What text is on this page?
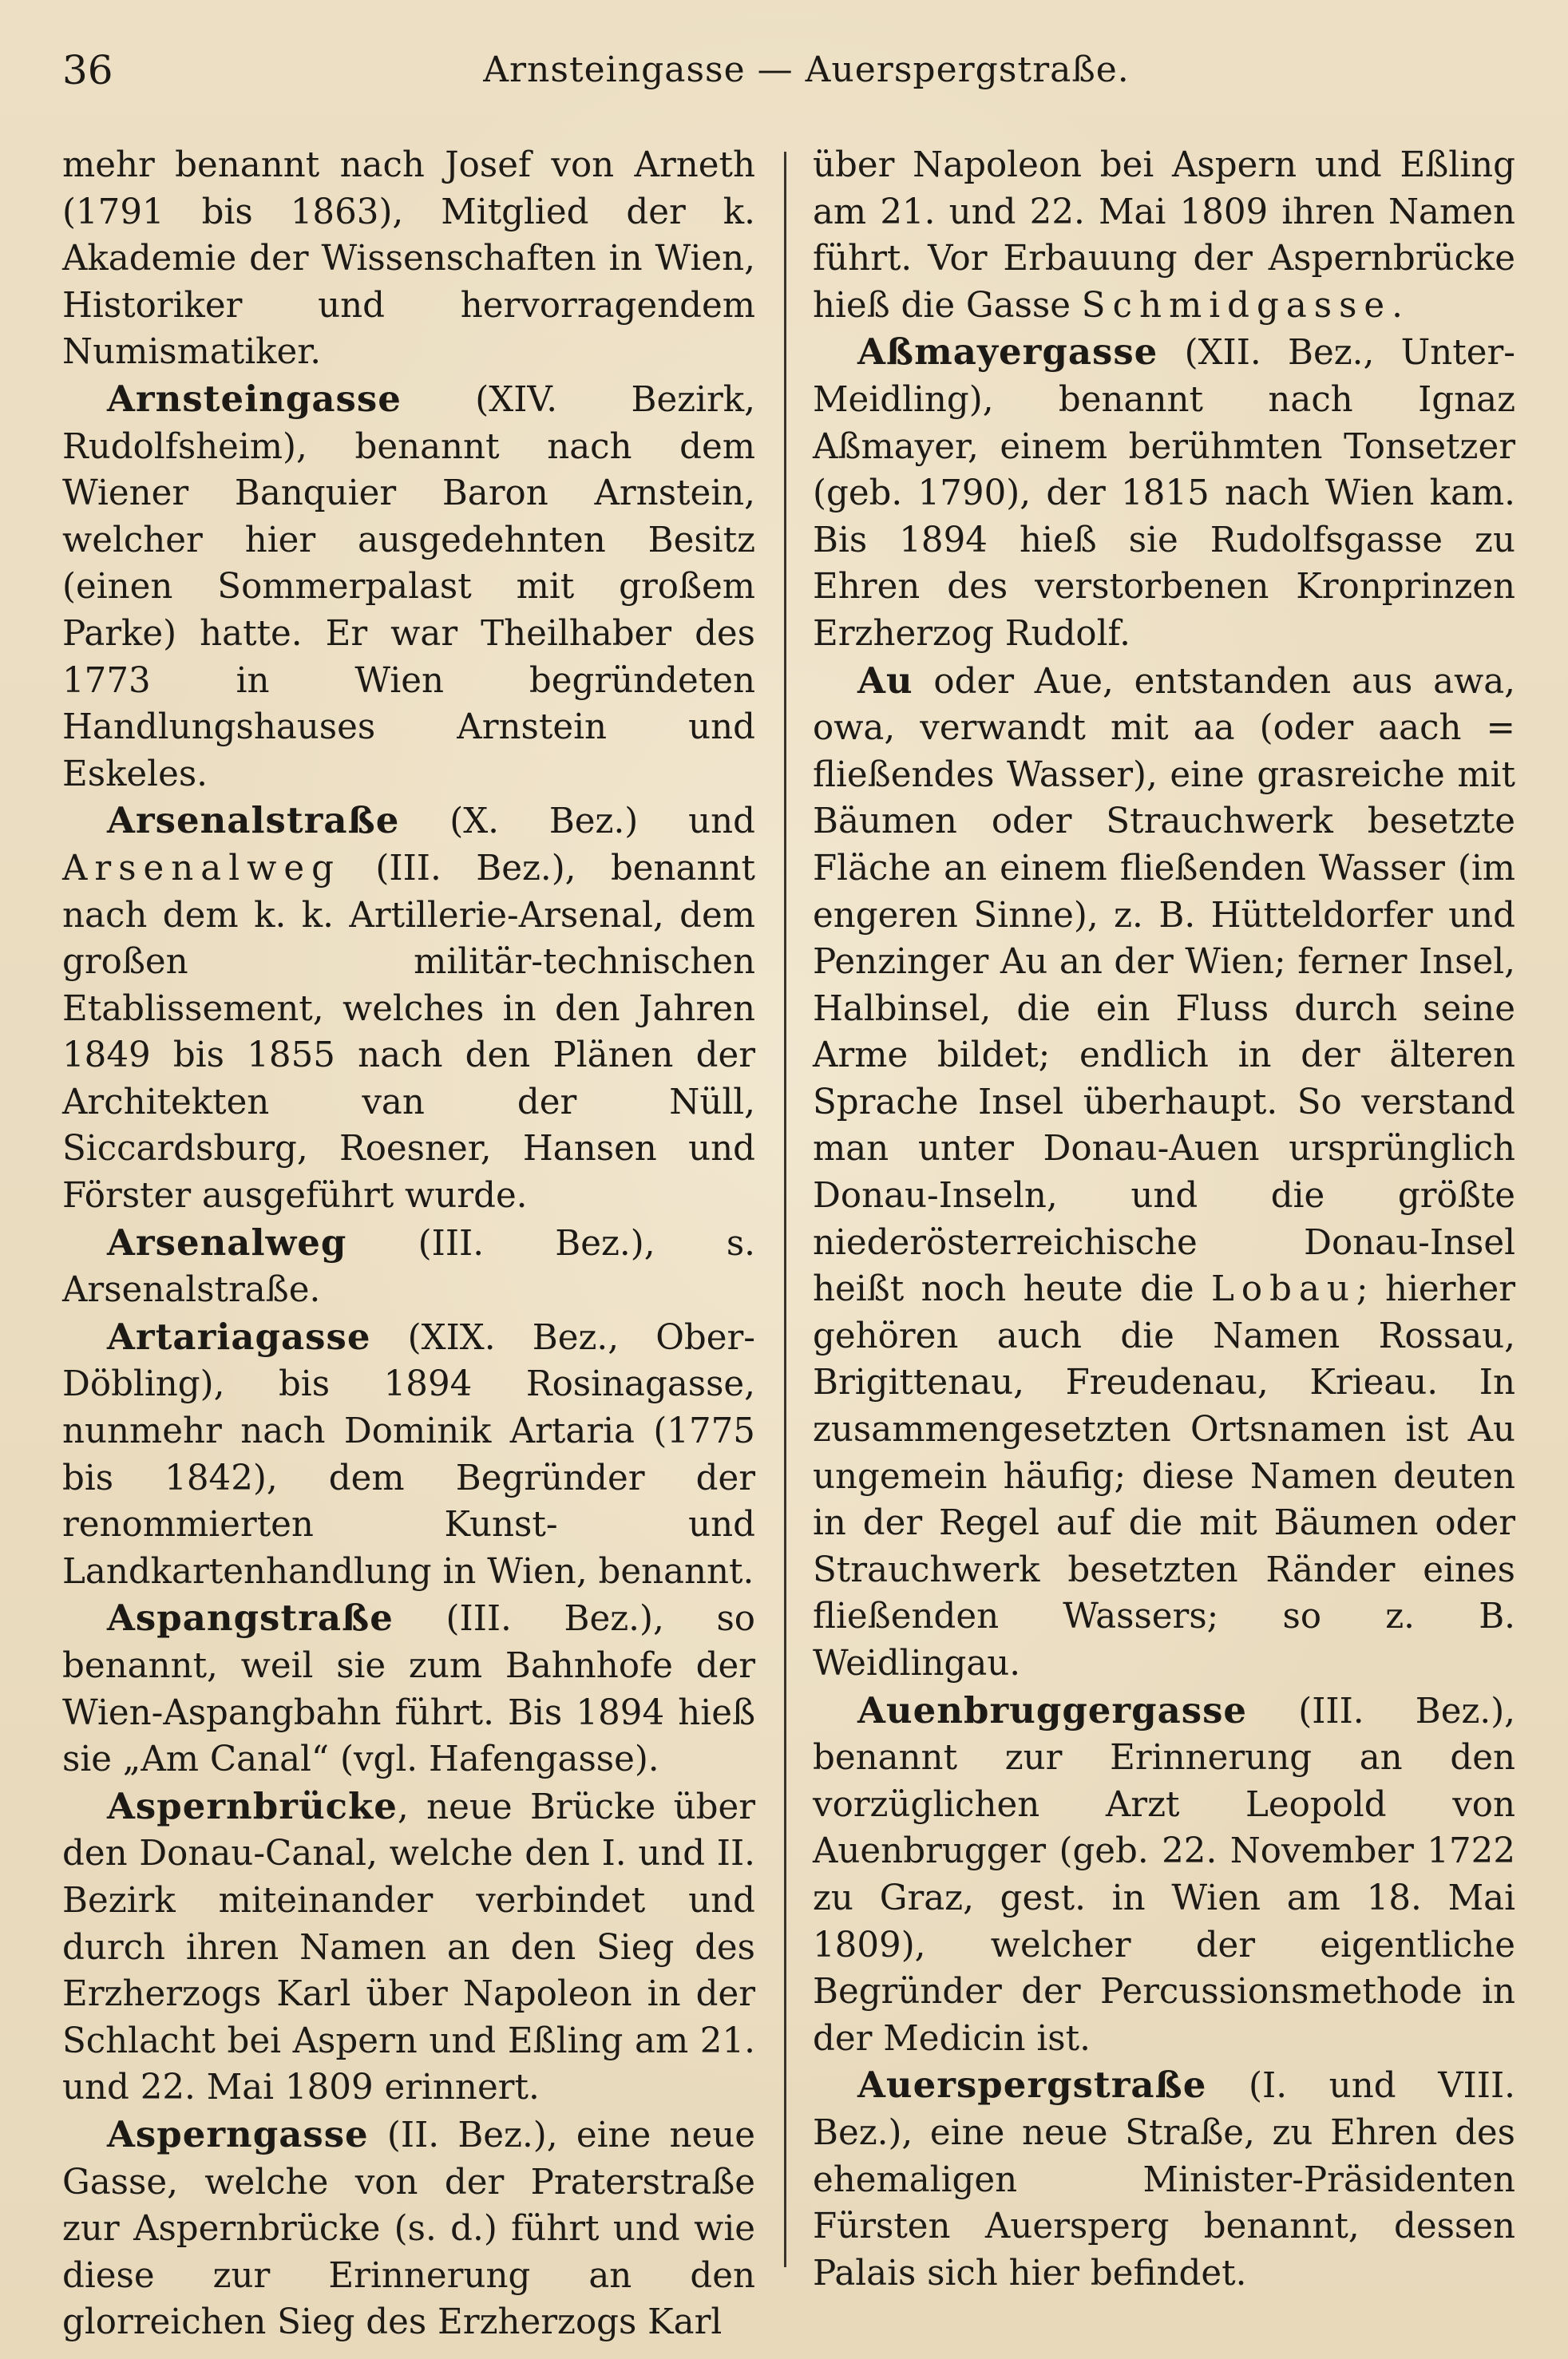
36	Arnsteingasse — Auerspergstraße.

mehr benannt nach Josef von Arneth (1791 bis 1863), Mitglied der k. Akademie der Wissenschaften in Wien, Historiker und hervorragendem Numismatiker.

Arnsteingasse (XIV. Bezirk, Rudolfsheim), benannt nach dem Wiener Banquier Baron Arnstein, welcher hier ausgedehnten Besitz (einen Sommerpalast mit großem Parke) hatte. Er war Theilhaber des 1773 in Wien begründeten Handlungshauses Arnstein und Eskeles.

Arsenalstraße (X. Bez.) und Arsenalweg (III. Bez.), benannt nach dem k. k. Artillerie-Arsenal, dem großen militär-technischen Etablissement, welches in den Jahren 1849 bis 1855 nach den Plänen der Architekten van der Nüll, Siccardsburg, Roesner, Hansen und Förster ausgeführt wurde.

Arsenalweg (III. Bez.), s. Arsenalstraße.

Artariagasse (XIX. Bez., Ober-Döbling), bis 1894 Rosinagasse, nunmehr nach Dominik Artaria (1775 bis 1842), dem Begründer der renommierten Kunst- und Landkartenhandlung in Wien, benannt.

Aspangstraße (III. Bez.), so benannt, weil sie zum Bahnhofe der Wien-Aspangbahn führt. Bis 1894 hieß sie „Am Canal“ (vgl. Hafengasse).

Aspernbrücke, neue Brücke über den Donau-Canal, welche den I. und II. Bezirk miteinander verbindet und durch ihren Namen an den Sieg des Erzherzogs Karl über Napoleon in der Schlacht bei Aspern und Eßling am 21. und 22. Mai 1809 erinnert.

Asperngasse (II. Bez.), eine neue Gasse, welche von der Praterstraße zur Aspernbrücke (s. d.) führt und wie diese zur Erinnerung an den glorreichen Sieg des Erzherzogs Karl

über Napoleon bei Aspern und Eßling am 21. und 22. Mai 1809 ihren Namen führt. Vor Erbauung der Aspernbrücke hieß die Gasse Schmidgasse.

Aßmayergasse (XII. Bez., Unter-Meidling), benannt nach Ignaz Aßmayer, einem berühmten Tonsetzer (geb. 1790), der 1815 nach Wien kam. Bis 1894 hieß sie Rudolfsgasse zu Ehren des verstorbenen Kronprinzen Erzherzog Rudolf.

Au oder Aue, entstanden aus awa, owa, verwandt mit aa (oder aach = fließendes Wasser), eine grasreiche mit Bäumen oder Strauchwerk besetzte Fläche an einem fließenden Wasser (im engeren Sinne), z. B. Hütteldorfer und Penzinger Au an der Wien; ferner Insel, Halbinsel, die ein Fluss durch seine Arme bildet; endlich in der älteren Sprache Insel überhaupt. So verstand man unter Donau-Auen ursprünglich Donau-Inseln, und die größte niederösterreichische Donau-Insel heißt noch heute die Lobau; hierher gehören auch die Namen Rossau, Brigittenau, Freudenau, Krieau. In zusammengesetzten Ortsnamen ist Au ungemein häufig; diese Namen deuten in der Regel auf die mit Bäumen oder Strauchwerk besetzten Ränder eines fließenden Wassers; so z. B. Weidlingau.

Auenbruggergasse (III. Bez.), benannt zur Erinnerung an den vorzüglichen Arzt Leopold von Auenbrugger (geb. 22. November 1722 zu Graz, gest. in Wien am 18. Mai 1809), welcher der eigentliche Begründer der Percussionsmethode in der Medicin ist.

Auerspergstraße (I. und VIII. Bez.), eine neue Straße, zu Ehren des ehemaligen Minister-Präsidenten Fürsten Auersperg benannt, dessen Palais sich hier befindet.
